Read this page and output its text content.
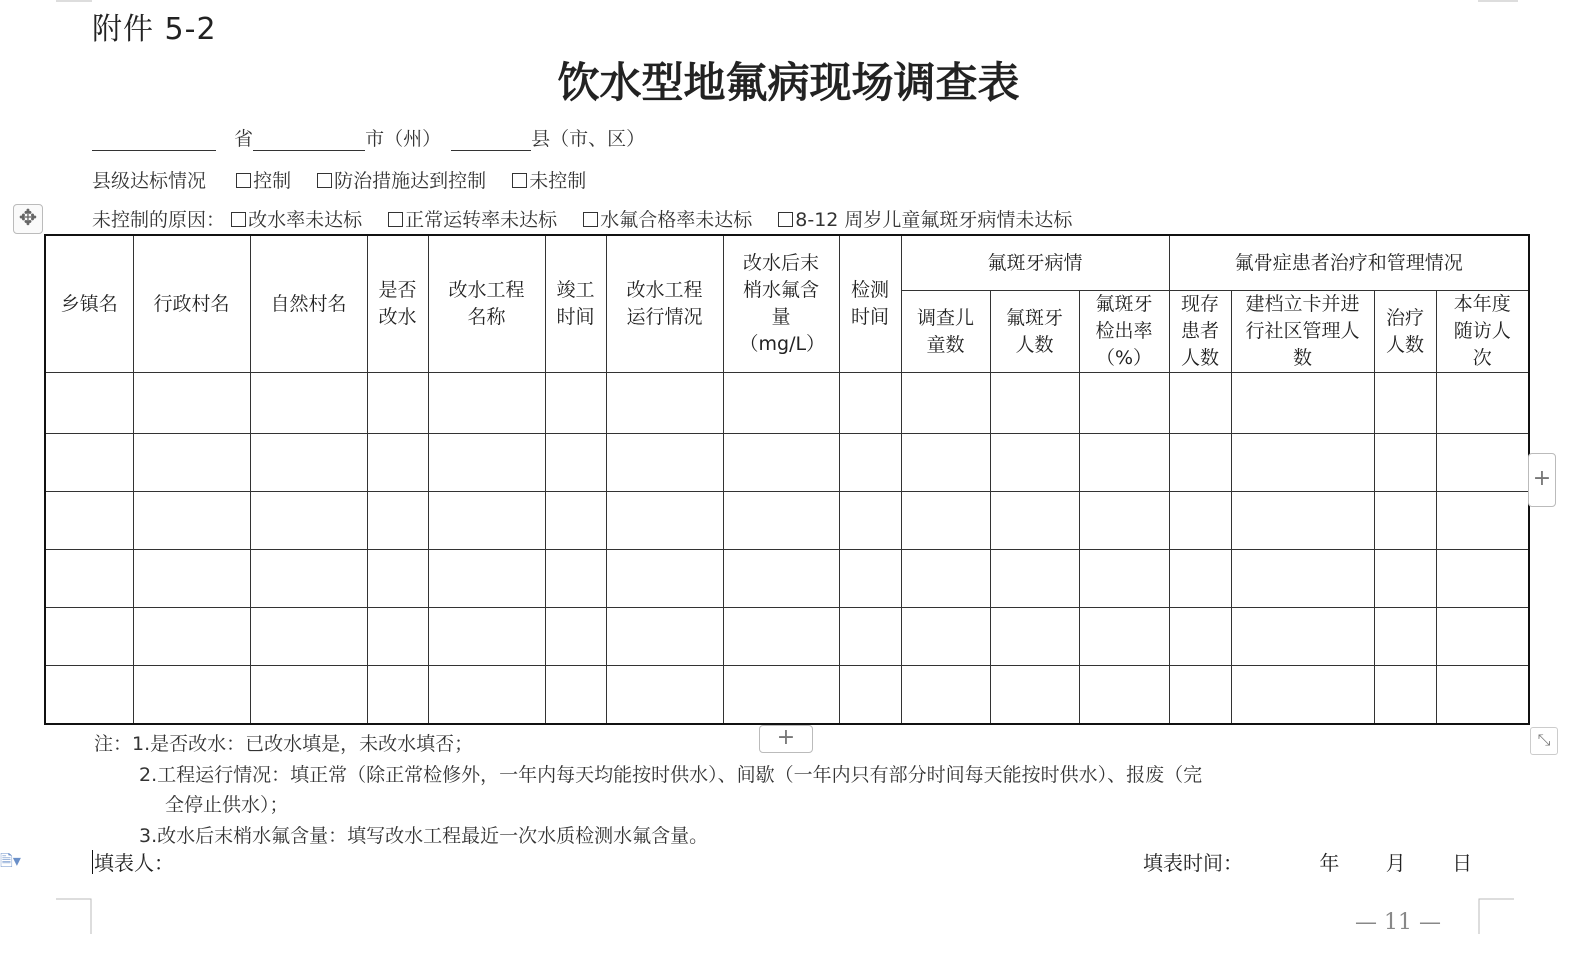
附件 5-2
饮水型地氟病现场调查表
省	市（州）	县（市、区）
县级达标情况 控制 防治措施达到控制 未控制
✥	未控制的原因： 改水率未达标 正常运转率未达标 水氟合格率未达标 8-12 周岁儿童氟斑牙病情未达标
乡镇名	行政村名	自然村名	是否改水	改水工程名称	竣工时间	改水工程运行情况	改水后末梢水氟含量（mg/L）	检测时间	氟斑牙病情			氟骨症患者治疗和管理情况			

									调查儿童数	氟斑牙人数	氟斑牙检出率（%）	现存患者人数	建档立卡并进行社区管理人数	治疗人数	本年度随访人次

+
+	⤡
注：1.是否改水：已改水填是，未改水填否；
2.工程运行情况：填正常（除正常检修外，一年内每天均能按时供水）、间歇（一年内只有部分时间每天能按时供水）、报废（完
全停止供水）；
3.改水后末梢水氟含量：填写改水工程最近一次水质检测水氟含量。
填表人：	填表时间：	年 月 日
🗎▾
— 11 —
